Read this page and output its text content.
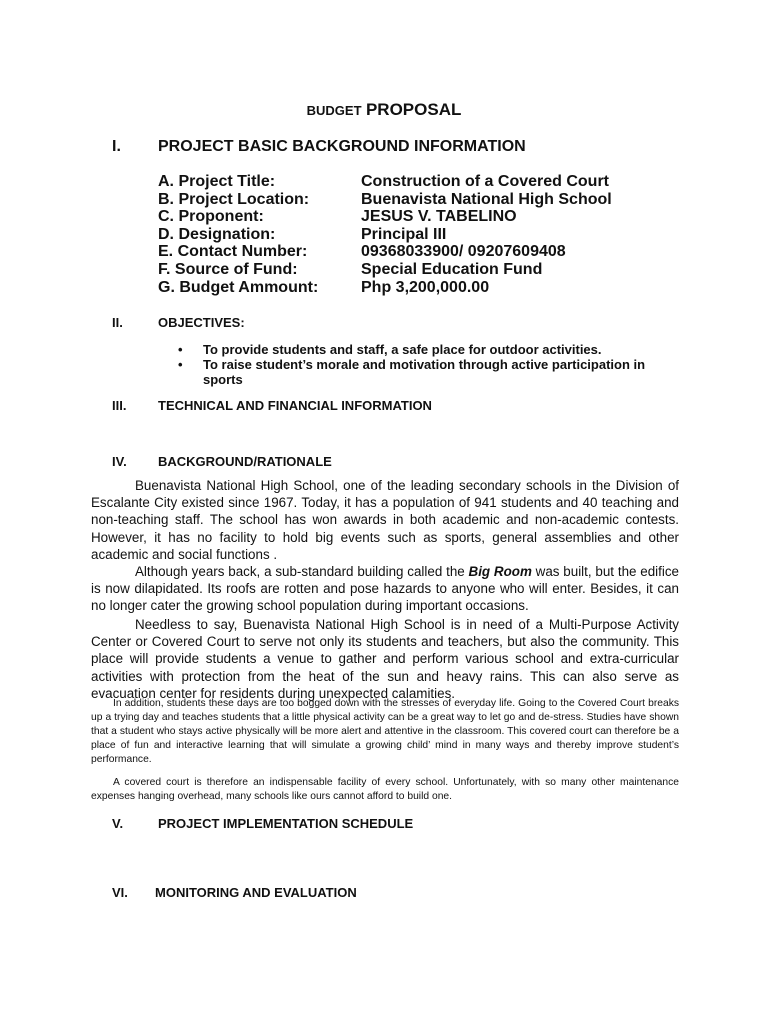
BUDGET PROPOSAL
I. PROJECT BASIC BACKGROUND INFORMATION
A. Project Title:	Construction of a Covered Court
B. Project Location:	Buenavista National High School
C. Proponent:	JESUS V. TABELINO
D. Designation:	Principal III
E. Contact Number:	09368033900/ 09207609408
F. Source of Fund:	Special Education Fund
G. Budget Ammount:	Php 3,200,000.00
II.	OBJECTIVES:
•	To provide students and staff, a safe place for outdoor activities.
•	To raise student’s morale and motivation through active participation in sports
III. TECHNICAL AND FINANCIAL INFORMATION
IV. BACKGROUND/RATIONALE

Buenavista National High School, one of the leading secondary schools in the Division of Escalante City existed since 1967. Today, it has a population of 941 students and 40 teaching and non-teaching staff. The school has won awards in both academic and non-academic contests. However, it has no facility to hold big events such as sports, general assemblies and other academic and social functions .

Although years back, a sub-standard building called the Big Room was built, but the edifice is now dilapidated. Its roofs are rotten and pose hazards to anyone who will enter. Besides, it can no longer cater the growing school population during important occasions.

Needless to say, Buenavista National High School is in need of a Multi-Purpose Activity Center or Covered Court to serve not only its students and teachers, but also the community. This place will provide students a venue to gather and perform various school and extra-curricular activities with protection from the heat of the sun and heavy rains. This can also serve as evacuation center for residents during unexpected calamities.

In addition, students these days are too bogged down with the stresses of everyday life. Going to the Covered Court breaks up a trying day and teaches students that a little physical activity can be a great way to let go and de-stress. Studies have shown that a student who stays active physically will be more alert and attentive in the classroom. This covered court can therefore be a place of fun and interactive learning that will simulate a growing child’ mind in many ways and thereby improve student’s performance.

A covered court is therefore an indispensable facility of every school. Unfortunately, with so many other maintenance expenses hanging overhead, many schools like ours cannot afford to build one.

V.	PROJECT IMPLEMENTATION SCHEDULE
VI. MONITORING AND EVALUATION
